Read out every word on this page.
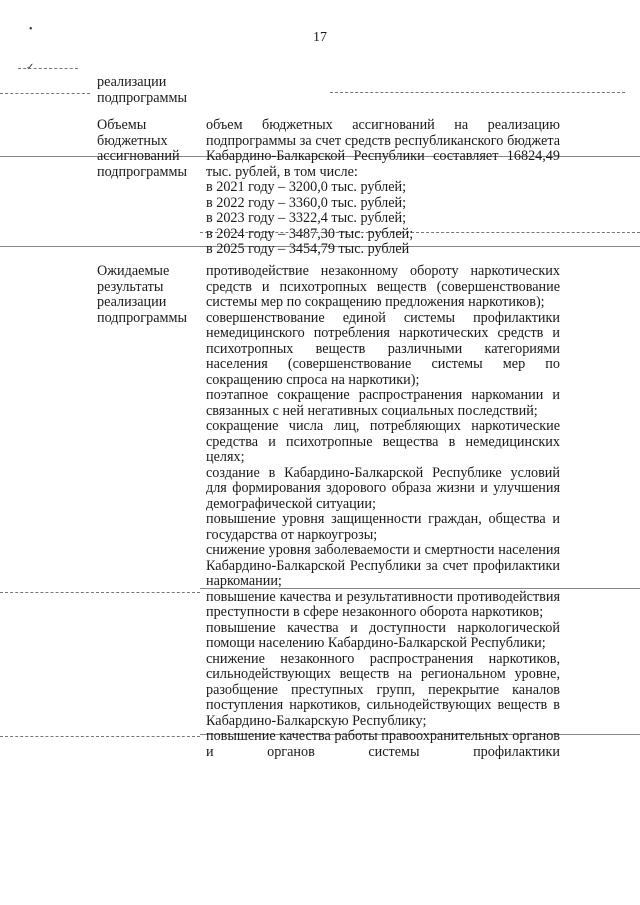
17
•
✓
реализации
подпрограммы
Объемы
бюджетных
ассигнований
подпрограммы

объем бюджетных ассигнований на реализацию подпрограммы за счет средств республиканского бюджета Кабардино-Балкарской Республики составляет 16824,49 тыс. рублей, в том числе:

в 2021 году – 3200,0 тыс. рублей;

в 2022 году – 3360,0 тыс. рублей;

в 2023 году – 3322,4 тыс. рублей;

в 2024 году – 3487,30 тыс. рублей;

в 2025 году – 3454,79 тыс. рублей

Ожидаемые
результаты
реализации
подпрограммы

противодействие незаконному обороту наркотических средств и психотропных веществ (совершенствование системы мер по сокращению предложения наркотиков);

совершенствование единой системы профилактики немедицинского потребления наркотических средств и психотропных веществ различными категориями населения (совершенствование системы мер по сокращению спроса на наркотики);

поэтапное сокращение распространения наркомании и связанных с ней негативных социальных последствий;

сокращение числа лиц, потребляющих наркотические средства и психотропные вещества в немедицинских целях;

создание в Кабардино-Балкарской Республике условий для формирования здорового образа жизни и улучшения демографической ситуации;

повышение уровня защищенности граждан, общества и государства от наркоугрозы;

снижение уровня заболеваемости и смертности населения Кабардино-Балкарской Республики за счет профилактики наркомании;

повышение качества и результативности противодействия преступности в сфере незаконного оборота наркотиков;

повышение качества и доступности наркологической помощи населению Кабардино-Балкарской Республики;

снижение незаконного распространения наркотиков, сильнодействующих веществ на региональном уровне, разобщение преступных групп, перекрытие каналов поступления наркотиков, сильнодействующих веществ в Кабардино-Балкарскую Республику;

повышение качества работы правоохранительных органов и органов системы профилактики
